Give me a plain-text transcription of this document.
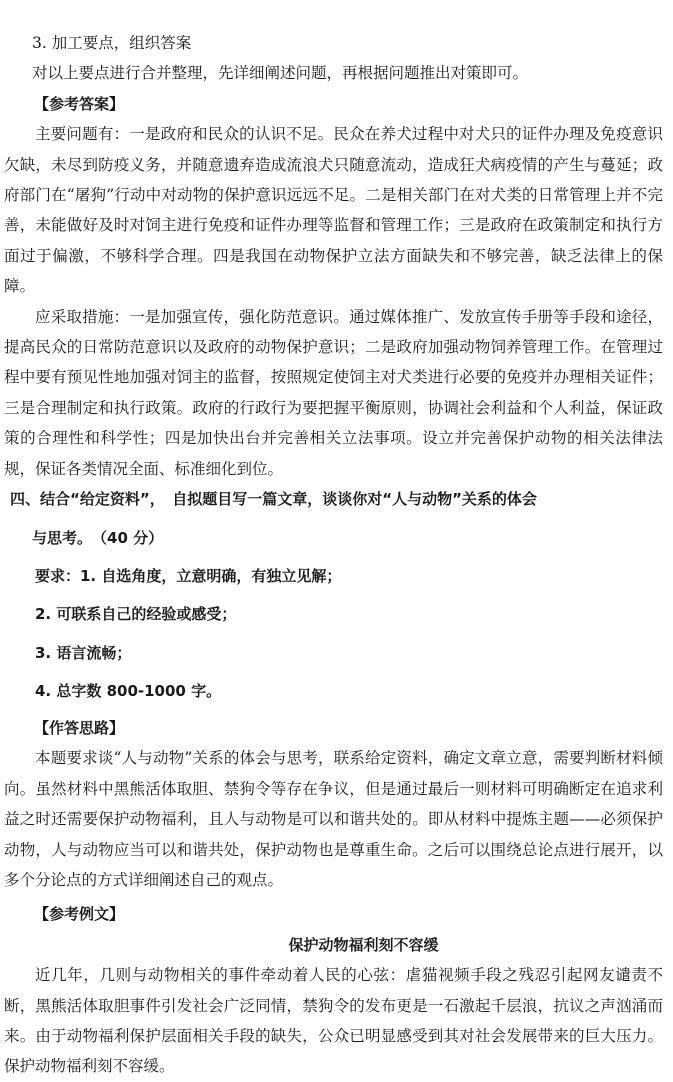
3. 加工要点，组织答案

对以上要点进行合并整理，先详细阐述问题，再根据问题推出对策即可。

【参考答案】

主要问题有：一是政府和民众的认识不足。民众在养犬过程中对犬只的证件办理及免疫意识欠缺，未尽到防疫义务，并随意遗弃造成流浪犬只随意流动，造成狂犬病疫情的产生与蔓延；政府部门在“屠狗”行动中对动物的保护意识远远不足。二是相关部门在对犬类的日常管理上并不完善，未能做好及时对饲主进行免疫和证件办理等监督和管理工作；三是政府在政策制定和执行方面过于偏激，不够科学合理。四是我国在动物保护立法方面缺失和不够完善，缺乏法律上的保障。

应采取措施：一是加强宣传，强化防范意识。通过媒体推广、发放宣传手册等手段和途径，提高民众的日常防范意识以及政府的动物保护意识；二是政府加强动物饲养管理工作。在管理过程中要有预见性地加强对饲主的监督，按照规定使饲主对犬类进行必要的免疫并办理相关证件；三是合理制定和执行政策。政府的行政行为要把握平衡原则，协调社会利益和个人利益，保证政策的合理性和科学性；四是加快出台并完善相关立法事项。设立并完善保护动物的相关法律法规，保证各类情况全面、标准细化到位。

四、结合“给定资料”，　自拟题目写一篇文章，谈谈你对“人与动物”关系的体会

与思考。　（40 分）

要求：1. 自选角度，立意明确，有独立见解；

2. 可联系自己的经验或感受；

3. 语言流畅；

4. 总字数 800-1000 字。

【作答思路】

本题要求谈“人与动物”关系的体会与思考，联系给定资料，确定文章立意，需要判断材料倾向。虽然材料中黑熊活体取胆、禁狗令等存在争议，但是通过最后一则材料可明确断定在追求利益之时还需要保护动物福利，且人与动物是可以和谐共处的。即从材料中提炼主题——必须保护动物，人与动物应当可以和谐共处，保护动物也是尊重生命。之后可以围绕总论点进行展开，以多个分论点的方式详细阐述自己的观点。

【参考例文】

保护动物福利刻不容缓

近几年，几则与动物相关的事件牵动着人民的心弦：虐猫视频手段之残忍引起网友谴责不断，黑熊活体取胆事件引发社会广泛同情，禁狗令的发布更是一石激起千层浪，抗议之声汹涌而来。由于动物福利保护层面相关手段的缺失，公众已明显感受到其对社会发展带来的巨大压力。保护动物福利刻不容缓。
